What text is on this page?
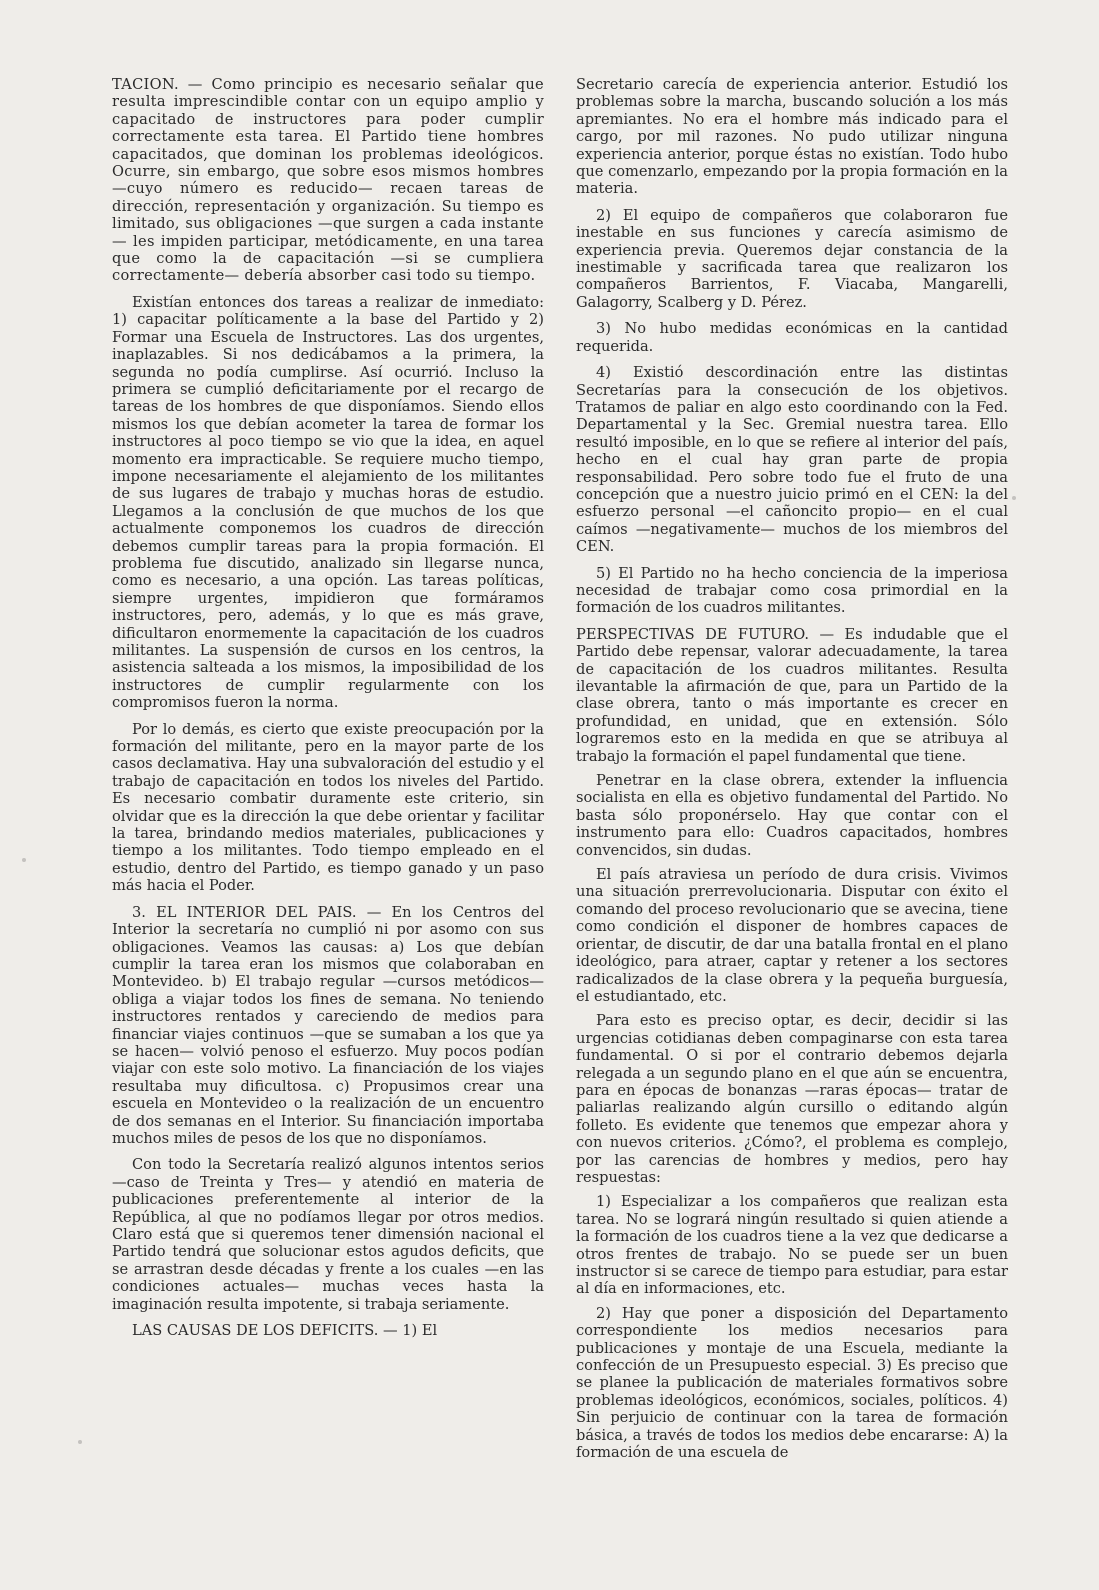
TACION. — Como principio es necesario señalar que resulta imprescindible contar con un equipo amplio y capacitado de instructores para poder cumplir correctamente esta tarea. El Partido tiene hombres capacitados, que dominan los problemas ideológicos. Ocurre, sin embargo, que sobre esos mismos hombres —cuyo número es reducido— recaen tareas de dirección, representación y organización. Su tiempo es limitado, sus obligaciones —que surgen a cada instante— les impiden participar, metódicamente, en una tarea que como la de capacitación —si se cumpliera correctamente— debería absorber casi todo su tiempo.

Existían entonces dos tareas a realizar de inmediato: 1) capacitar políticamente a la base del Partido y 2) Formar una Escuela de Instructores. Las dos urgentes, inaplazables. Si nos dedicábamos a la primera, la segunda no podía cumplirse. Así ocurrió. Incluso la primera se cumplió deficitariamente por el recargo de tareas de los hombres de que disponíamos. Siendo ellos mismos los que debían acometer la tarea de formar los instructores al poco tiempo se vio que la idea, en aquel momento era impracticable. Se requiere mucho tiempo, impone necesariamente el alejamiento de los militantes de sus lugares de trabajo y muchas horas de estudio. Llegamos a la conclusión de que muchos de los que actualmente componemos los cuadros de dirección debemos cumplir tareas para la propia formación. El problema fue discutido, analizado sin llegarse nunca, como es necesario, a una opción. Las tareas políticas, siempre urgentes, impidieron que formáramos instructores, pero, además, y lo que es más grave, dificultaron enormemente la capacitación de los cuadros militantes. La suspensión de cursos en los centros, la asistencia salteada a los mismos, la imposibilidad de los instructores de cumplir regularmente con los compromisos fueron la norma.

Por lo demás, es cierto que existe preocupación por la formación del militante, pero en la mayor parte de los casos declamativa. Hay una subvaloración del estudio y el trabajo de capacitación en todos los niveles del Partido. Es necesario combatir duramente este criterio, sin olvidar que es la dirección la que debe orientar y facilitar la tarea, brindando medios materiales, publicaciones y tiempo a los militantes. Todo tiempo empleado en el estudio, dentro del Partido, es tiempo ganado y un paso más hacia el Poder.

3. EL INTERIOR DEL PAIS. — En los Centros del Interior la secretaría no cumplió ni por asomo con sus obligaciones. Veamos las causas: a) Los que debían cumplir la tarea eran los mismos que colaboraban en Montevideo. b) El trabajo regular —cursos metódicos— obliga a viajar todos los fines de semana. No teniendo instructores rentados y careciendo de medios para financiar viajes continuos —que se sumaban a los que ya se hacen— volvió penoso el esfuerzo. Muy pocos podían viajar con este solo motivo. La financiación de los viajes resultaba muy dificultosa. c) Propusimos crear una escuela en Montevideo o la realización de un encuentro de dos semanas en el Interior. Su financiación importaba muchos miles de pesos de los que no disponíamos.

Con todo la Secretaría realizó algunos intentos serios —caso de Treinta y Tres— y atendió en materia de publicaciones preferentemente al interior de la República, al que no podíamos llegar por otros medios. Claro está que si queremos tener dimensión nacional el Partido tendrá que solucionar estos agudos deficits, que se arrastran desde décadas y frente a los cuales —en las condiciones actuales— muchas veces hasta la imaginación resulta impotente, si trabaja seriamente.

LAS CAUSAS DE LOS DEFICITS. — 1) El

Secretario carecía de experiencia anterior. Estudió los problemas sobre la marcha, buscando solución a los más apremiantes. No era el hombre más indicado para el cargo, por mil razones. No pudo utilizar ninguna experiencia anterior, porque éstas no existían. Todo hubo que comenzarlo, empezando por la propia formación en la materia.

2) El equipo de compañeros que colaboraron fue inestable en sus funciones y carecía asimismo de experiencia previa. Queremos dejar constancia de la inestimable y sacrificada tarea que realizaron los compañeros Barrientos, F. Viacaba, Mangarelli, Galagorry, Scalberg y D. Pérez.

3) No hubo medidas económicas en la cantidad requerida.

4) Existió descordinación entre las distintas Secretarías para la consecución de los objetivos. Tratamos de paliar en algo esto coordinando con la Fed. Departamental y la Sec. Gremial nuestra tarea. Ello resultó imposible, en lo que se refiere al interior del país, hecho en el cual hay gran parte de propia responsabilidad. Pero sobre todo fue el fruto de una concepción que a nuestro juicio primó en el CEN: la del esfuerzo personal —el cañoncito propio— en el cual caímos —negativamente— muchos de los miembros del CEN.

5) El Partido no ha hecho conciencia de la imperiosa necesidad de trabajar como cosa primordial en la formación de los cuadros militantes.

PERSPECTIVAS DE FUTURO. — Es indudable que el Partido debe repensar, valorar adecuadamente, la tarea de capacitación de los cuadros militantes. Resulta ilevantable la afirmación de que, para un Partido de la clase obrera, tanto o más importante es crecer en profundidad, en unidad, que en extensión. Sólo lograremos esto en la medida en que se atribuya al trabajo la formación el papel fundamental que tiene.

Penetrar en la clase obrera, extender la influencia socialista en ella es objetivo fundamental del Partido. No basta sólo proponérselo. Hay que contar con el instrumento para ello: Cuadros capacitados, hombres convencidos, sin dudas.

El país atraviesa un período de dura crisis. Vivimos una situación prerrevolucionaria. Disputar con éxito el comando del proceso revolucionario que se avecina, tiene como condición el disponer de hombres capaces de orientar, de discutir, de dar una batalla frontal en el plano ideológico, para atraer, captar y retener a los sectores radicalizados de la clase obrera y la pequeña burguesía, el estudiantado, etc.

Para esto es preciso optar, es decir, decidir si las urgencias cotidianas deben compaginarse con esta tarea fundamental. O si por el contrario debemos dejarla relegada a un segundo plano en el que aún se encuentra, para en épocas de bonanzas —raras épocas— tratar de paliarlas realizando algún cursillo o editando algún folleto. Es evidente que tenemos que empezar ahora y con nuevos criterios. ¿Cómo?, el problema es complejo, por las carencias de hombres y medios, pero hay respuestas:

1) Especializar a los compañeros que realizan esta tarea. No se logrará ningún resultado si quien atiende a la formación de los cuadros tiene a la vez que dedicarse a otros frentes de trabajo. No se puede ser un buen instructor si se carece de tiempo para estudiar, para estar al día en informaciones, etc.

2) Hay que poner a disposición del Departamento correspondiente los medios necesarios para publicaciones y montaje de una Escuela, mediante la confección de un Presupuesto especial. 3) Es preciso que se planee la publicación de materiales formativos sobre problemas ideológicos, económicos, sociales, políticos. 4) Sin perjuicio de continuar con la tarea de formación básica, a través de todos los medios debe encararse: A) la formación de una escuela de
